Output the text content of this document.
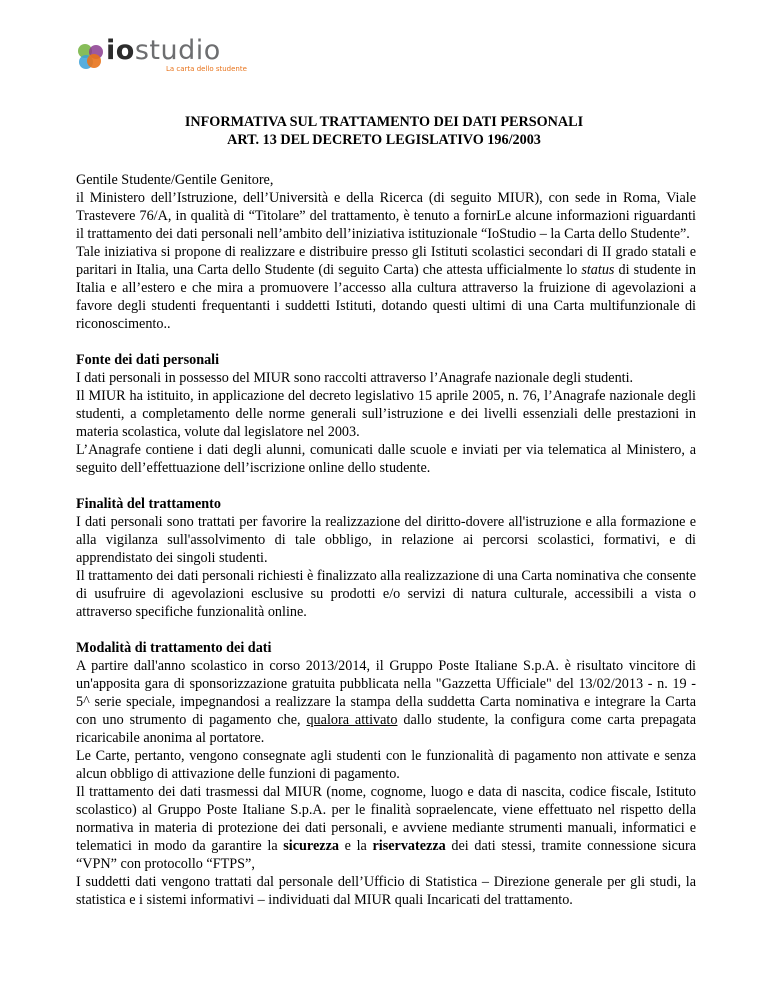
iostudio
La carta dello studente
INFORMATIVA SUL TRATTAMENTO DEI DATI PERSONALI
ART. 13 DEL DECRETO LEGISLATIVO 196/2003

Gentile Studente/Gentile Genitore,

il Ministero dell’Istruzione, dell’Università e della Ricerca (di seguito MIUR), con sede in Roma, Viale Trastevere 76/A, in qualità di “Titolare” del trattamento, è tenuto a fornirLe alcune informazioni riguardanti il trattamento dei dati personali nell’ambito dell’iniziativa istituzionale “IoStudio – la Carta dello Studente”.

Tale iniziativa si propone di realizzare e distribuire presso gli Istituti scolastici secondari di II grado statali e paritari in Italia, una Carta dello Studente (di seguito Carta) che attesta ufficialmente lo status di studente in Italia e all’estero e che mira a promuovere l’accesso alla cultura attraverso la fruizione di agevolazioni a favore degli studenti frequentanti i suddetti Istituti, dotando questi ultimi di una Carta multifunzionale di riconoscimento..

Fonte dei dati personali

I dati personali in possesso del MIUR sono raccolti attraverso l’Anagrafe nazionale degli studenti.

Il MIUR ha istituito, in applicazione del decreto legislativo 15 aprile 2005, n. 76, l’Anagrafe nazionale degli studenti, a completamento delle norme generali sull’istruzione e dei livelli essenziali delle prestazioni in materia scolastica, volute dal legislatore nel 2003.

L’Anagrafe contiene i dati degli alunni, comunicati dalle scuole e inviati per via telematica al Ministero, a seguito dell’effettuazione dell’iscrizione online dello studente.

Finalità del trattamento

I dati personali sono trattati per favorire la realizzazione del diritto-dovere all'istruzione e alla formazione e alla vigilanza sull'assolvimento di tale obbligo, in relazione ai percorsi scolastici, formativi, e di apprendistato dei singoli studenti.

Il trattamento dei dati personali richiesti è finalizzato alla realizzazione di una Carta nominativa che consente di usufruire di agevolazioni esclusive su prodotti e/o servizi di natura culturale, accessibili a vista o attraverso specifiche funzionalità online.

Modalità di trattamento dei dati

A partire dall'anno scolastico in corso 2013/2014, il Gruppo Poste Italiane S.p.A. è risultato vincitore di un'apposita gara di sponsorizzazione gratuita pubblicata nella "Gazzetta Ufficiale" del 13/02/2013 - n. 19 - 5^ serie speciale, impegnandosi a realizzare la stampa della suddetta Carta nominativa e integrare la Carta con uno strumento di pagamento che, qualora attivato dallo studente, la configura come carta prepagata ricaricabile anonima al portatore.

Le Carte, pertanto, vengono consegnate agli studenti con le funzionalità di pagamento non attivate e senza alcun obbligo di attivazione delle funzioni di pagamento.

Il trattamento dei dati trasmessi dal MIUR (nome, cognome, luogo e data di nascita, codice fiscale, Istituto scolastico) al Gruppo Poste Italiane S.p.A. per le finalità sopraelencate, viene effettuato nel rispetto della normativa in materia di protezione dei dati personali, e avviene mediante strumenti manuali, informatici e telematici in modo da garantire la sicurezza e la riservatezza dei dati stessi, tramite connessione sicura “VPN” con protocollo “FTPS”,

I suddetti dati vengono trattati dal personale dell’Ufficio di Statistica – Direzione generale per gli studi, la statistica e i sistemi informativi – individuati dal MIUR quali Incaricati del trattamento.
